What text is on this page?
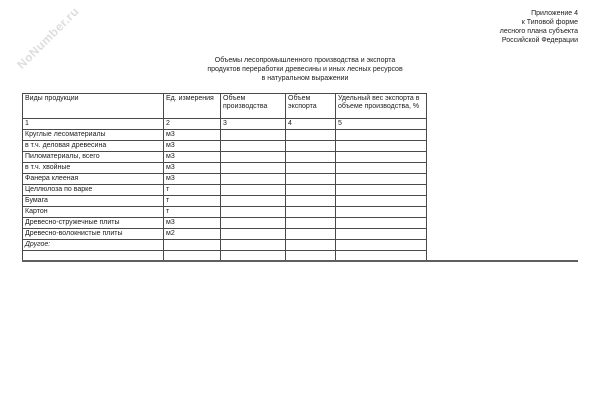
NoNumber.ru	Приложение 4
к Типовой форме
лесного плана субъекта
Российской Федерации
Объемы лесопромышленного производства и экспорта
продуктов переработки древесины и иных лесных ресурсов
в натуральном выражении
Виды продукции	Ед. измерения	Объем производства	Объем экспорта	Удельный вес экспорта в объеме производства, %
1	2	3	4	5
Круглые лесоматериалы	м3			
в т.ч. деловая древесина	м3			
Пиломатериалы, всего	м3			
в т.ч. хвойные	м3			
Фанера клееная	м3			
Целлюлоза по варке	т			
Бумага	т			
Картон	т			
Древесно-стружечные плиты	м3			
Древесно-волокнистые плиты	м2			
Другое:				
